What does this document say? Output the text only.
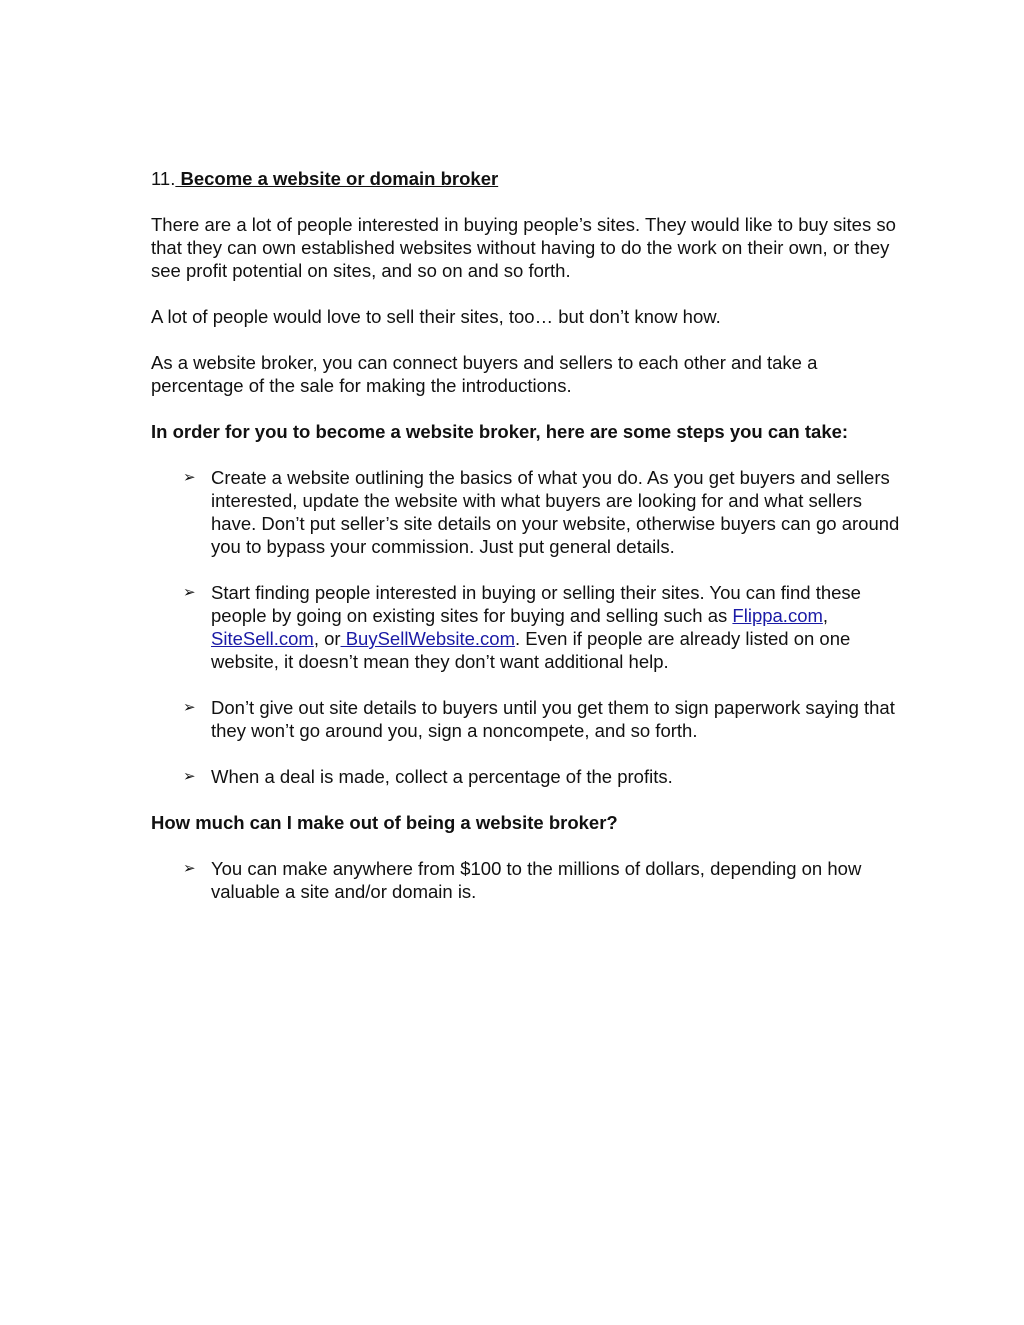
11. Become a website or domain broker

There are a lot of people interested in buying people’s sites. They would like to buy sites so that they can own established websites without having to do the work on their own, or they see profit potential on sites, and so on and so forth.

A lot of people would love to sell their sites, too… but don’t know how.

As a website broker, you can connect buyers and sellers to each other and take a percentage of the sale for making the introductions.

In order for you to become a website broker, here are some steps you can take:

➢ Create a website outlining the basics of what you do. As you get buyers and sellers interested, update the website with what buyers are looking for and what sellers have. Don’t put seller’s site details on your website, otherwise buyers can go around you to bypass your commission. Just put general details.

➢ Start finding people interested in buying or selling their sites. You can find these people by going on existing sites for buying and selling such as Flippa.com, SiteSell.com, or BuySellWebsite.com. Even if people are already listed on one website, it doesn’t mean they don’t want additional help.

➢ Don’t give out site details to buyers until you get them to sign paperwork saying that they won’t go around you, sign a noncompete, and so forth.

➢ When a deal is made, collect a percentage of the profits.

How much can I make out of being a website broker?

➢ You can make anywhere from $100 to the millions of dollars, depending on how valuable a site and/or domain is.
